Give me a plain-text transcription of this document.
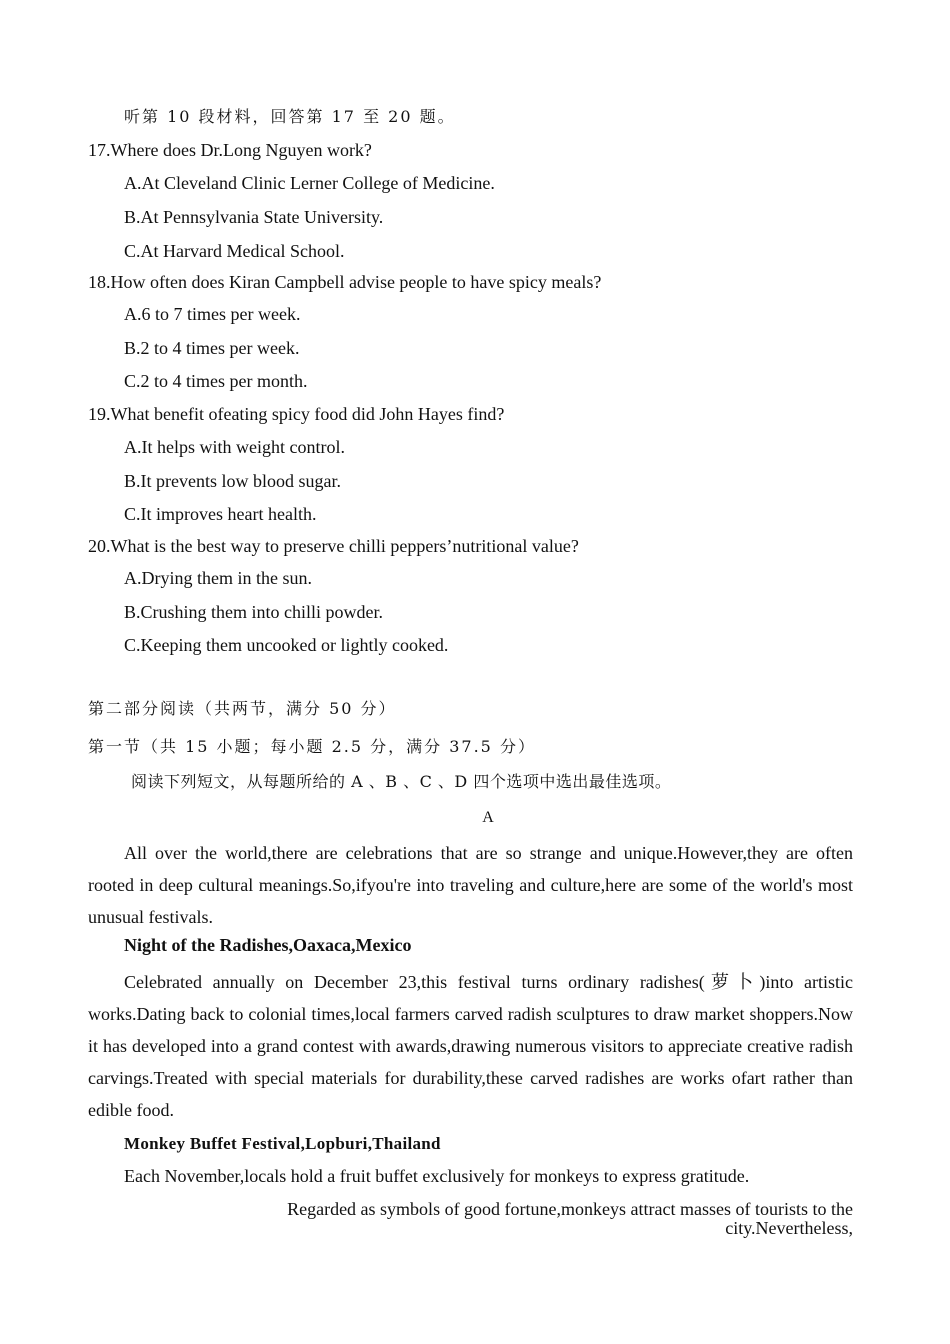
听第 10 段材料，回答第 17 至 20 题。
17.Where does Dr.Long Nguyen work?
A.At Cleveland Clinic Lerner College of Medicine.
B.At Pennsylvania State University.
C.At Harvard Medical School.
18.How often does Kiran Campbell advise people to have spicy meals?
A.6 to 7 times per week.
B.2 to 4 times per week.
C.2 to 4 times per month.
19.What benefit ofeating spicy food did John Hayes find?
A.It helps with weight control.
B.It prevents low blood sugar.
C.It improves heart health.
20.What is the best way to preserve chilli peppers’nutritional value?
A.Drying them in the sun.
B.Crushing them into chilli powder.
C.Keeping them uncooked or lightly cooked.
第二部分阅读（共两节，满分 50 分）
第一节（共 15 小题；每小题 2.5 分，满分 37.5 分）
阅读下列短文，从每题所给的 A 、B 、C 、D 四个选项中选出最佳选项。
A
All over the world,there are celebrations that are so strange and unique.However,they are often rooted in deep cultural meanings.So,ifyou're into traveling and culture,here are some of the world's most unusual festivals.
Night of the Radishes,Oaxaca,Mexico
Celebrated annually on December 23,this festival turns ordinary radishes(萝卜)into artistic works.Dating back to colonial times,local farmers carved radish sculptures to draw market shoppers.Now it has developed into a grand contest with awards,drawing numerous visitors to appreciate creative radish carvings.Treated with special materials for durability,these carved radishes are works ofart rather than edible food.
Monkey Buffet Festival,Lopburi,Thailand
Each November,locals hold a fruit buffet exclusively for monkeys to express gratitude.
Regarded as symbols of good fortune,monkeys attract masses of tourists to the
city.Nevertheless,
